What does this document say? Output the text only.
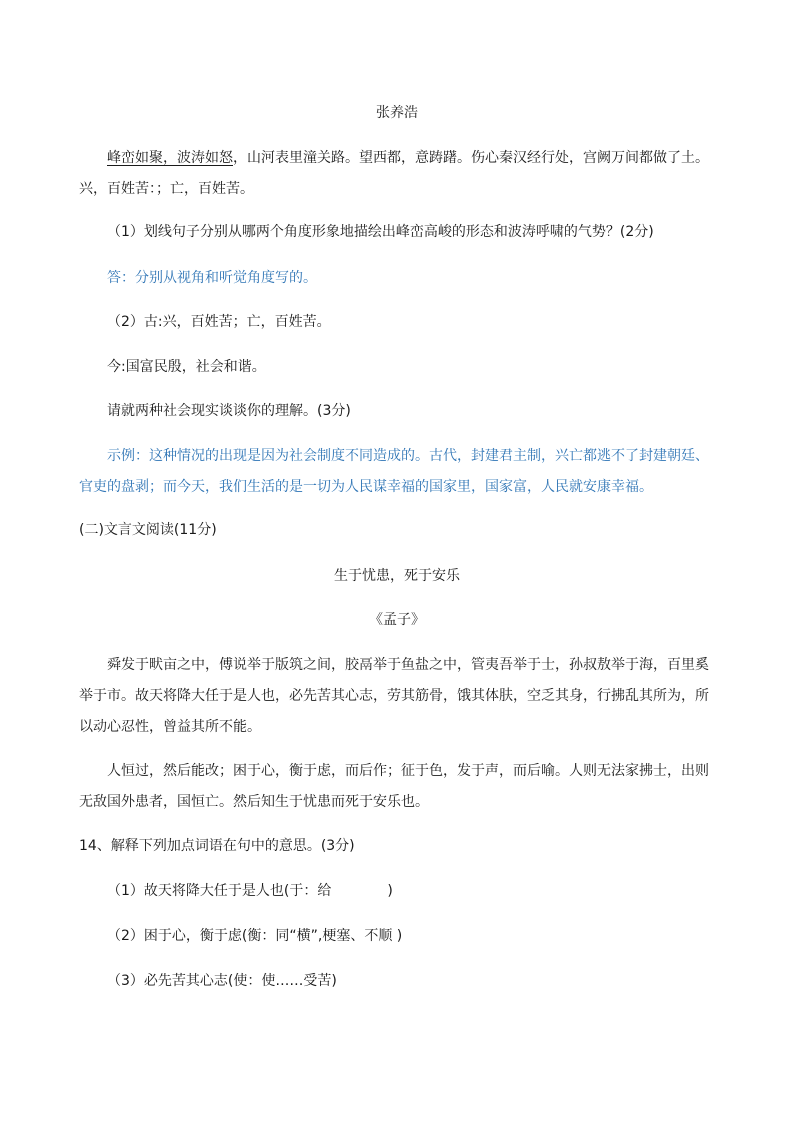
张养浩
峰峦如聚，波涛如怒，山河表里潼关路。望西都，意踌躇。伤心秦汉经行处，宫阙万间都做了土。
兴，百姓苦：；亡，百姓苦。
（1）划线句子分别从哪两个角度形象地描绘出峰峦高峻的形态和波涛呼啸的气势？(2分)
答：分别从视角和听觉角度写的。
（2）古:兴，百姓苦；亡，百姓苦。
今:国富民殷，社会和谐。
请就两种社会现实谈谈你的理解。(3分)
示例：这种情况的出现是因为社会制度不同造成的。古代，封建君主制，兴亡都逃不了封建朝廷、
官吏的盘剥；而今天，我们生活的是一切为人民谋幸福的国家里，国家富，人民就安康幸福。
(二)文言文阅读(11分)
生于忧患，死于安乐
《孟子》
舜发于畎亩之中，傅说举于版筑之间，胶鬲举于鱼盐之中，管夷吾举于士，孙叔敖举于海，百里奚
举于市。故天将降大任于是人也，必先苦其心志，劳其筋骨，饿其体肤，空乏其身，行拂乱其所为，所
以动心忍性，曾益其所不能。
人恒过，然后能改；困于心，衡于虑，而后作；征于色，发于声，而后喻。人则无法家拂士，出则
无敌国外患者，国恒亡。然后知生于忧患而死于安乐也。
14、解释下列加点词语在句中的意思。(3分)
（1）故天将降大任于是人也(于：给　　　　)
（2）困于心，衡于虑(衡：同“横”,梗塞、不顺 )
（3）必先苦其心志(使：使……受苦)
